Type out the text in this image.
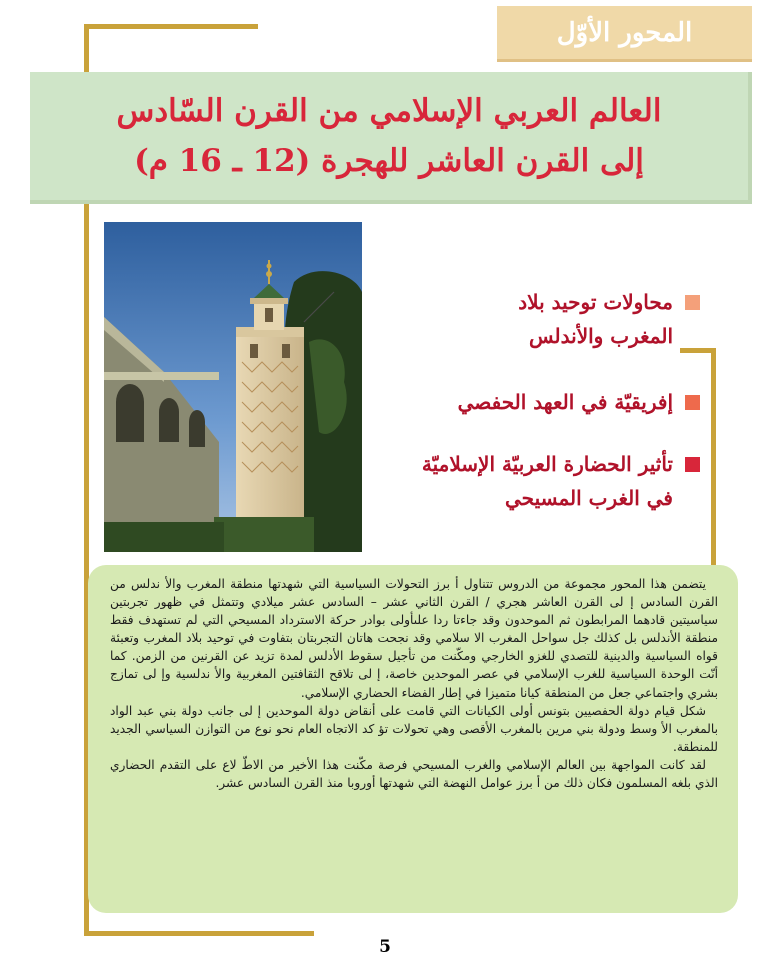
المحور الأوّل
العالم العربي الإسلامي من القرن السّادس
إلى القرن العاشر للهجرة (12 ـ 16 م)
محاولات توحيد بلاد
المغرب والأندلس
إفريقيّة في العهد الحفصي
تأثير الحضارة العربيّة الإسلاميّة
في الغرب المسيحي

يتضمن هذا المحور مجموعة من الدروس تتناول أ برز التحولات السياسية التي شهدتها منطقة المغرب والأ ندلس من القرن السادس إ لى القرن العاشر هجري / القرن الثاني عشر – السادس عشر ميلادي وتتمثل في ظهور تجربتين سياسيتين قادهما المرابطون ثم الموحدون وقد جاءتا ردا علىأولى بوادر حركة الاسترداد المسيحي التي لم تستهدف فقط منطقة الأندلس بل كذلك جل سواحل المغرب الا سلامي وقد نجحت هاتان التجربتان بتفاوت في توحيد بلاد المغرب وتعبئة قواه السياسية والدينية للتصدي للغزو الخارجي ومكّنت من تأجيل سقوط الأدلس لمدة تزيد عن القرنين من الزمن. كما أنّت الوحدة السياسية للغرب الإسلامي في عصر الموحدين خاصة، إ لى تلاقح الثقافتين المغربية والأ ندلسية وإ لى تمازج بشري واجتماعي جعل من المنطقة كيانا متميزا في إطار الفضاء الحضاري الإسلامي.

شكل قيام دولة الحفصيين بتونس أولى الكيانات التي قامت على أنقاض دولة الموحدين إ لى جانب دولة بني عبد الواد بالمغرب الأ وسط ودولة بني مرين بالمغرب الأقصى وهي تحولات تؤ كد الاتجاه العام نحو نوع من التوازن السياسي الجديد للمنطقة.

لقد كانت المواجهة بين العالم الإسلامي والغرب المسيحي فرصة مكّنت هذا الأخير من الاطّ لاع على التقدم الحضاري الذي بلغه المسلمون فكان ذلك من أ برز عوامل النهضة التي شهدتها أوروبا منذ القرن السادس عشر.

5
